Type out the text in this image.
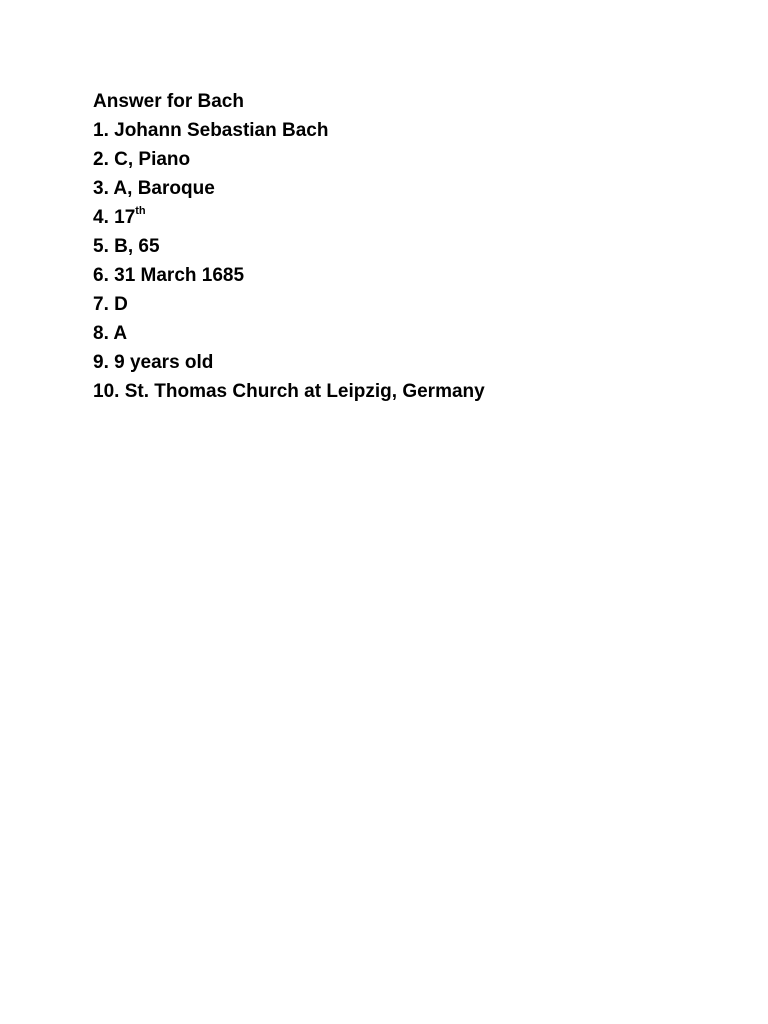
Answer for Bach
1. Johann Sebastian Bach
2. C, Piano
3. A, Baroque
4. 17th
5. B, 65
6. 31 March 1685
7. D
8. A
9. 9 years old
10. St. Thomas Church at Leipzig, Germany
